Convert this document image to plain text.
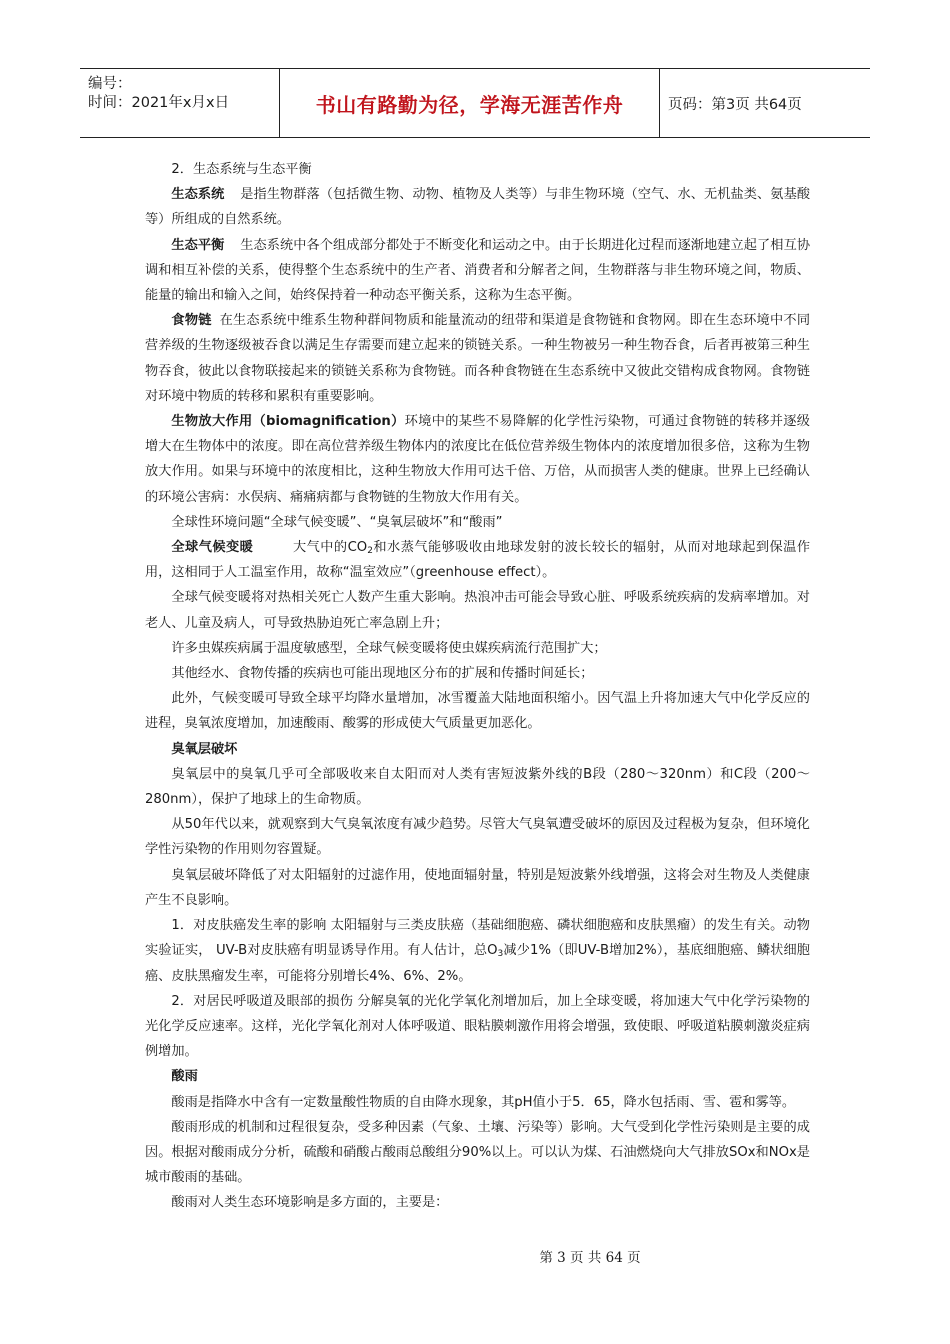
编号：
时间：2021年x月x日	书山有路勤为径，学海无涯苦作舟	页码：第3页 共64页

2．生态系统与生态平衡

生态系统 是指生物群落（包括微生物、动物、植物及人类等）与非生物环境（空气、水、无机盐类、氨基酸等）所组成的自然系统。

生态平衡 生态系统中各个组成部分都处于不断变化和运动之中。由于长期进化过程而逐渐地建立起了相互协调和相互补偿的关系，使得整个生态系统中的生产者、消费者和分解者之间，生物群落与非生物环境之间，物质、能量的输出和输入之间，始终保持着一种动态平衡关系，这称为生态平衡。

食物链 在生态系统中维系生物种群间物质和能量流动的纽带和渠道是食物链和食物网。即在生态环境中不同营养级的生物逐级被吞食以满足生存需要而建立起来的锁链关系。一种生物被另一种生物吞食，后者再被第三种生物吞食，彼此以食物联接起来的锁链关系称为食物链。而各种食物链在生态系统中又彼此交错构成食物网。食物链对环境中物质的转移和累积有重要影响。

生物放大作用（biomagnification）环境中的某些不易降解的化学性污染物，可通过食物链的转移并逐级增大在生物体中的浓度。即在高位营养级生物体内的浓度比在低位营养级生物体内的浓度增加很多倍，这称为生物放大作用。如果与环境中的浓度相比，这种生物放大作用可达千倍、万倍，从而损害人类的健康。世界上已经确认的环境公害病：水俣病、痛痛病都与食物链的生物放大作用有关。

全球性环境问题“全球气候变暖”、“臭氧层破坏”和“酸雨”

全球气候变暖	大气中的$CO_2$和水蒸气能够吸收由地球发射的波长较长的辐射，从而对地球起到保温作用，这相同于人工温室作用，故称“温室效应”（greenhouse effect）。

全球气候变暖将对热相关死亡人数产生重大影响。热浪冲击可能会导致心脏、呼吸系统疾病的发病率增加。对老人、儿童及病人，可导致热胁迫死亡率急剧上升；

许多虫媒疾病属于温度敏感型，全球气候变暖将使虫媒疾病流行范围扩大；

其他经水、食物传播的疾病也可能出现地区分布的扩展和传播时间延长；

此外，气候变暖可导致全球平均降水量增加，冰雪覆盖大陆地面积缩小。因气温上升将加速大气中化学反应的进程，臭氧浓度增加，加速酸雨、酸雾的形成使大气质量更加恶化。

臭氧层破坏

臭氧层中的臭氧几乎可全部吸收来自太阳而对人类有害短波紫外线的B段（280～320nm）和C段（200～280nm），保护了地球上的生命物质。

从50年代以来，就观察到大气臭氧浓度有减少趋势。尽管大气臭氧遭受破坏的原因及过程极为复杂，但环境化学性污染物的作用则勿容置疑。

臭氧层破坏降低了对太阳辐射的过滤作用，使地面辐射量，特别是短波紫外线增强，这将会对生物及人类健康产生不良影响。

1．对皮肤癌发生率的影响 太阳辐射与三类皮肤癌（基础细胞癌、磷状细胞癌和皮肤黑瘤）的发生有关。动物实验证实， UV-B对皮肤癌有明显诱导作用。有人估计，总$O_3$减少1%（即UV-B增加2%），基底细胞癌、鳞状细胞癌、皮肤黑瘤发生率，可能将分别增长4%、6%、2%。

2．对居民呼吸道及眼部的损伤 分解臭氧的光化学氧化剂增加后，加上全球变暖，将加速大气中化学污染物的光化学反应速率。这样，光化学氧化剂对人体呼吸道、眼粘膜刺激作用将会增强，致使眼、呼吸道粘膜刺激炎症病例增加。

酸雨

酸雨是指降水中含有一定数量酸性物质的自由降水现象，其pH值小于5．65，降水包括雨、雪、雹和雾等。

酸雨形成的机制和过程很复杂，受多种因素（气象、土壤、污染等）影响。大气受到化学性污染则是主要的成因。根据对酸雨成分分析，硫酸和硝酸占酸雨总酸组分90%以上。可以认为煤、石油燃烧向大气排放SOx和NOx是城市酸雨的基础。

酸雨对人类生态环境影响是多方面的，主要是：

第 3 页 共 64 页
